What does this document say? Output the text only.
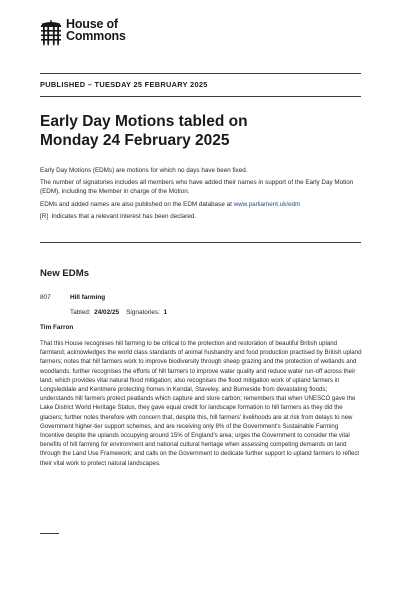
House of
Commons
PUBLISHED – TUESDAY 25 FEBRUARY 2025
Early Day Motions tabled on
Monday 24 February 2025

Early Day Motions (EDMs) are motions for which no days have been fixed.

The number of signatories includes all members who have added their names in support of the Early Day Motion (EDM), including the Member in charge of the Motion.

EDMs and added names are also published on the EDM database at www.parliament.uk/edm

[R] Indicates that a relevant interest has been declared.

New EDMs
807	Hill farming
Tabled: 24/02/25 Signatories: 1
Tim Farron
That this House recognises hill farming to be critical to the protection and restoration of beautiful British upland farmland; acknowledges the world class standards of animal husbandry and food production practised by British upland farmers; notes that hill farmers work to improve biodiversity through sheep grazing and the protection of wetlands and woodlands; further recognises the efforts of hill farmers to improve water quality and reduce water run-off across their land, which provides vital natural flood mitigation; also recognises the flood mitigation work of upland farmers in Longsleddale and Kentmere protecting homes in Kendal, Staveley, and Burneside from devastating floods; understands hill farmers protect peatlands which capture and store carbon; remembers that when UNESCO gave the Lake District World Heritage Status, they gave equal credit for landscape formation to hill farmers as they did the glaciers; further notes therefore with concern that, despite this, hill farmers' livelihoods are at risk from delays to new Government higher-tier support schemes, and are receiving only 8% of the Government's Sustainable Farming Incentive despite the uplands occupying around 15% of England's area; urges the Government to consider the vital benefits of hill farming for environment and national cultural heritage when assessing competing demands on land through the Land Use Framework; and calls on the Government to dedicate further support to upland farmers to reflect their vital work to protect natural landscapes.
